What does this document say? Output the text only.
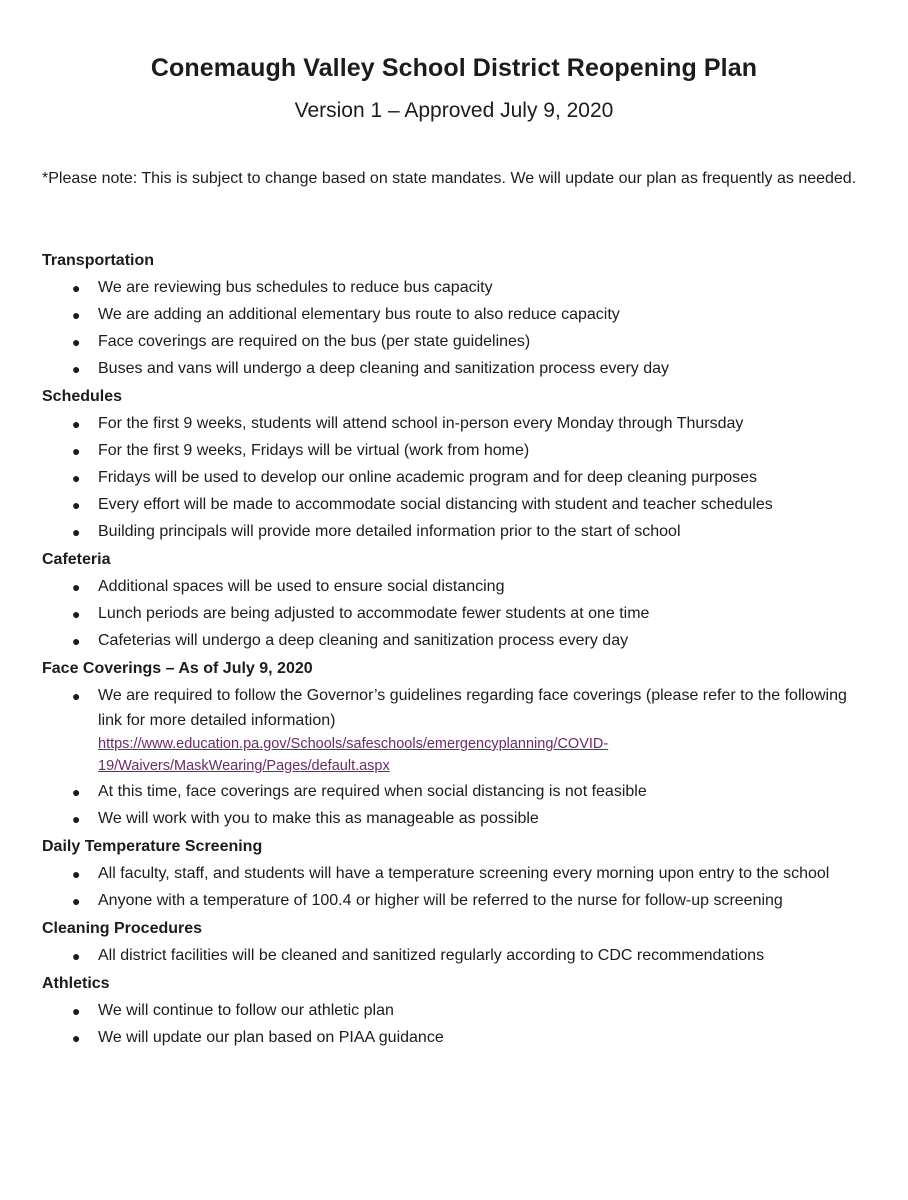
Conemaugh Valley School District Reopening Plan
Version 1 – Approved July 9, 2020
*Please note: This is subject to change based on state mandates. We will update our plan as frequently as needed.
Transportation
● We are reviewing bus schedules to reduce bus capacity
● We are adding an additional elementary bus route to also reduce capacity
● Face coverings are required on the bus (per state guidelines)
● Buses and vans will undergo a deep cleaning and sanitization process every day
Schedules
● For the first 9 weeks, students will attend school in-person every Monday through Thursday
● For the first 9 weeks, Fridays will be virtual (work from home)
● Fridays will be used to develop our online academic program and for deep cleaning purposes
● Every effort will be made to accommodate social distancing with student and teacher schedules
● Building principals will provide more detailed information prior to the start of school
Cafeteria
● Additional spaces will be used to ensure social distancing
● Lunch periods are being adjusted to accommodate fewer students at one time
● Cafeterias will undergo a deep cleaning and sanitization process every day
Face Coverings – As of July 9, 2020
● We are required to follow the Governor’s guidelines regarding face coverings (please refer to the following link for more detailed information)
https://www.education.pa.gov/Schools/safeschools/emergencyplanning/COVID-
19/Waivers/MaskWearing/Pages/default.aspx
● At this time, face coverings are required when social distancing is not feasible
● We will work with you to make this as manageable as possible
Daily Temperature Screening
● All faculty, staff, and students will have a temperature screening every morning upon entry to the school
● Anyone with a temperature of 100.4 or higher will be referred to the nurse for follow-up screening
Cleaning Procedures
● All district facilities will be cleaned and sanitized regularly according to CDC recommendations
Athletics
● We will continue to follow our athletic plan
● We will update our plan based on PIAA guidance
